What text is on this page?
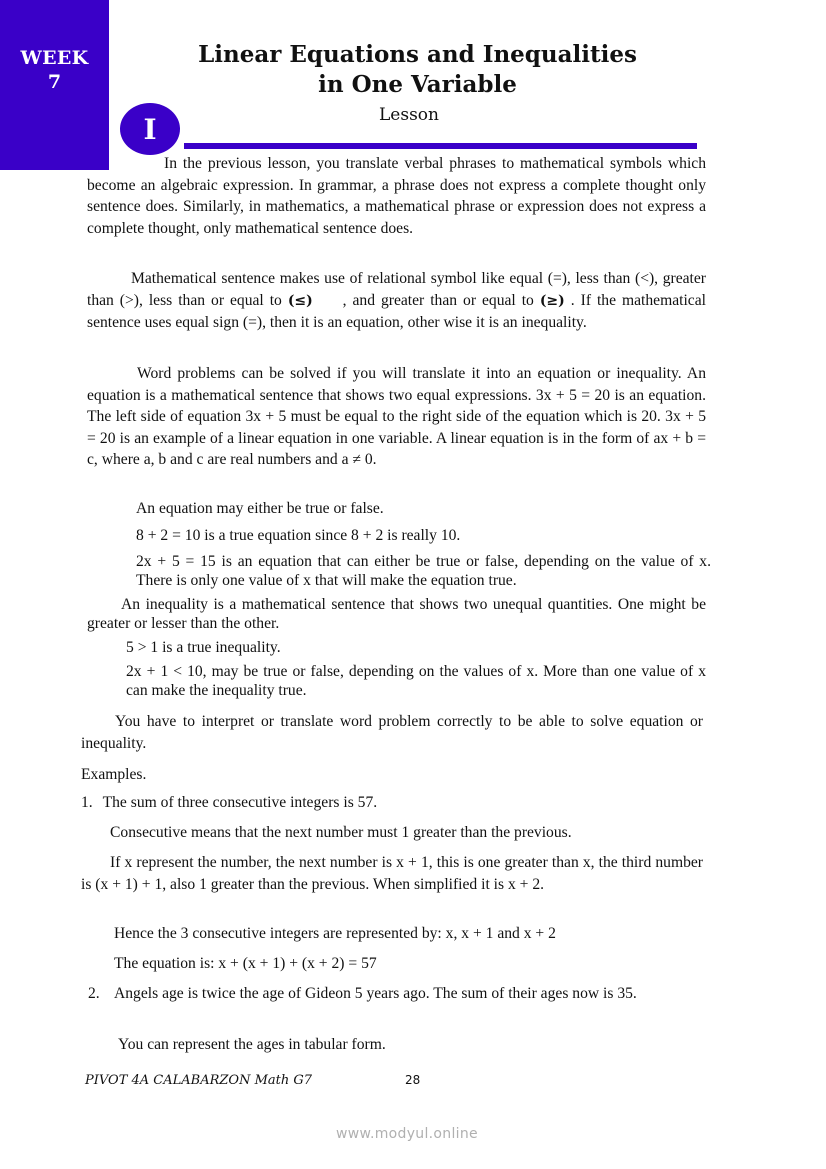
WEEK
7
Linear Equations and Inequalities
in One Variable
Lesson
I

In the previous lesson, you translate verbal phrases to mathematical symbols which become an algebraic expression. In grammar, a phrase does not express a complete thought only sentence does. Similarly, in mathematics, a mathematical phrase or expression does not express a complete thought, only mathematical sentence does.

Mathematical sentence makes use of relational symbol like equal (=), less than (<), greater than (>), less than or equal to (≤) , and greater than or equal to (≥) . If the mathematical sentence uses equal sign (=), then it is an equation, other wise it is an inequality.

Word problems can be solved if you will translate it into an equation or inequality. An equation is a mathematical sentence that shows two equal expressions. 3x + 5 = 20 is an equation. The left side of equation 3x + 5 must be equal to the right side of the equation which is 20. 3x + 5 = 20 is an example of a linear equation in one variable. A linear equation is in the form of ax + b = c, where a, b and c are real numbers and a ≠ 0.

An equation may either be true or false.

8 + 2 = 10 is a true equation since 8 + 2 is really 10.

2x + 5 = 15 is an equation that can either be true or false, depending on the value of x. There is only one value of x that will make the equation true.

An inequality is a mathematical sentence that shows two unequal quantities. One might be greater or lesser than the other.

5 > 1 is a true inequality.

2x + 1 < 10, may be true or false, depending on the values of x. More than one value of x can make the inequality true.

You have to interpret or translate word problem correctly to be able to solve equation or inequality.

Examples.

1. The sum of three consecutive integers is 57.

Consecutive means that the next number must 1 greater than the previous.

If x represent the number, the next number is x + 1, this is one greater than x, the third number is (x + 1) + 1, also 1 greater than the previous. When simplified it is x + 2.

Hence the 3 consecutive integers are represented by: x, x + 1 and x + 2

The equation is: x + (x + 1) + (x + 2) = 57

2. Angels age is twice the age of Gideon 5 years ago. The sum of their ages now is 35.

You can represent the ages in tabular form.

PIVOT 4A CALABARZON Math G7	28
www.modyul.online
